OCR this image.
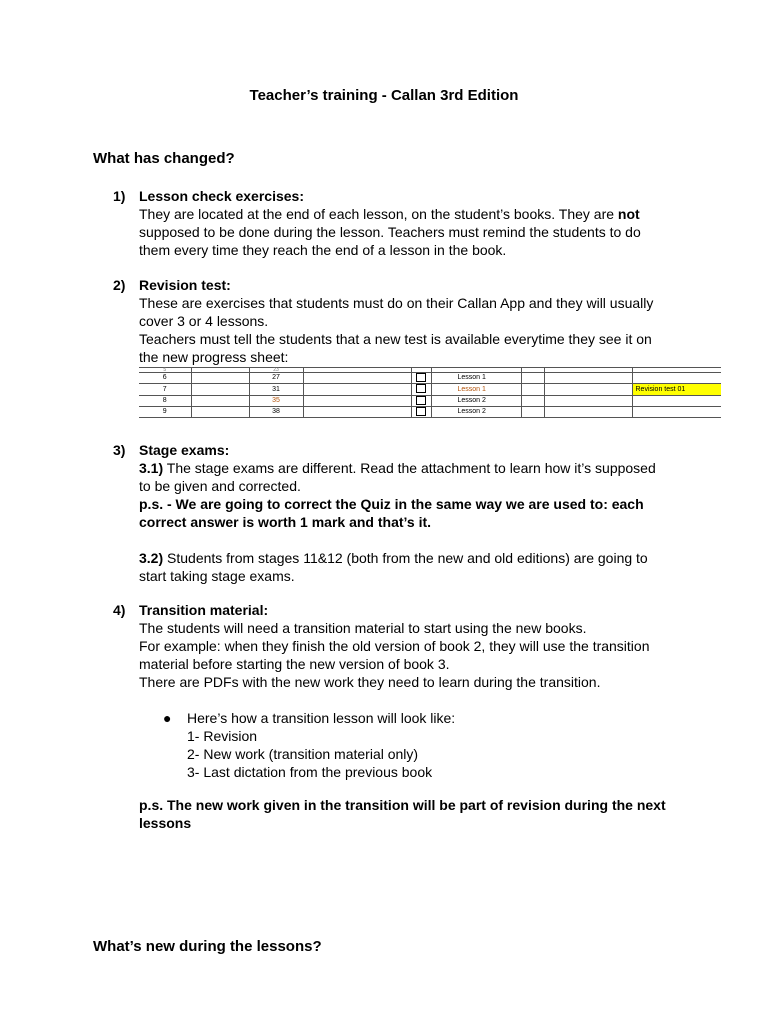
Teacher’s training - Callan 3rd Edition
What has changed?
1) Lesson check exercises:

They are located at the end of each lesson, on the student’s books. They are not

supposed to be done during the lesson. Teachers must remind the students to do

them every time they reach the end of a lesson in the book.

2) Revision test:

These are exercises that students must do on their Callan App and they will usually

cover 3 or 4 lessons.

Teachers must tell the students that a new test is available everytime they see it on

the new progress sheet:

5		23						
6		27			Lesson 1			
7		31			Lesson 1			Revision test 01
8		35			Lesson 2			
9		38			Lesson 2			
3) Stage exams:

3.1) The stage exams are different. Read the attachment to learn how it’s supposed

to be given and corrected.

p.s. - We are going to correct the Quiz in the same way we are used to: each

correct answer is worth 1 mark and that’s it.

3.2) Students from stages 11&12 (both from the new and old editions) are going to

start taking stage exams.

4) Transition material:

The students will need a transition material to start using the new books.

For example: when they finish the old version of book 2, they will use the transition

material before starting the new version of book 3.

There are PDFs with the new work they need to learn during the transition.

● Here’s how a transition lesson will look like:

1- Revision

2- New work (transition material only)

3- Last dictation from the previous book

p.s. The new work given in the transition will be part of revision during the next

lessons

What’s new during the lessons?
